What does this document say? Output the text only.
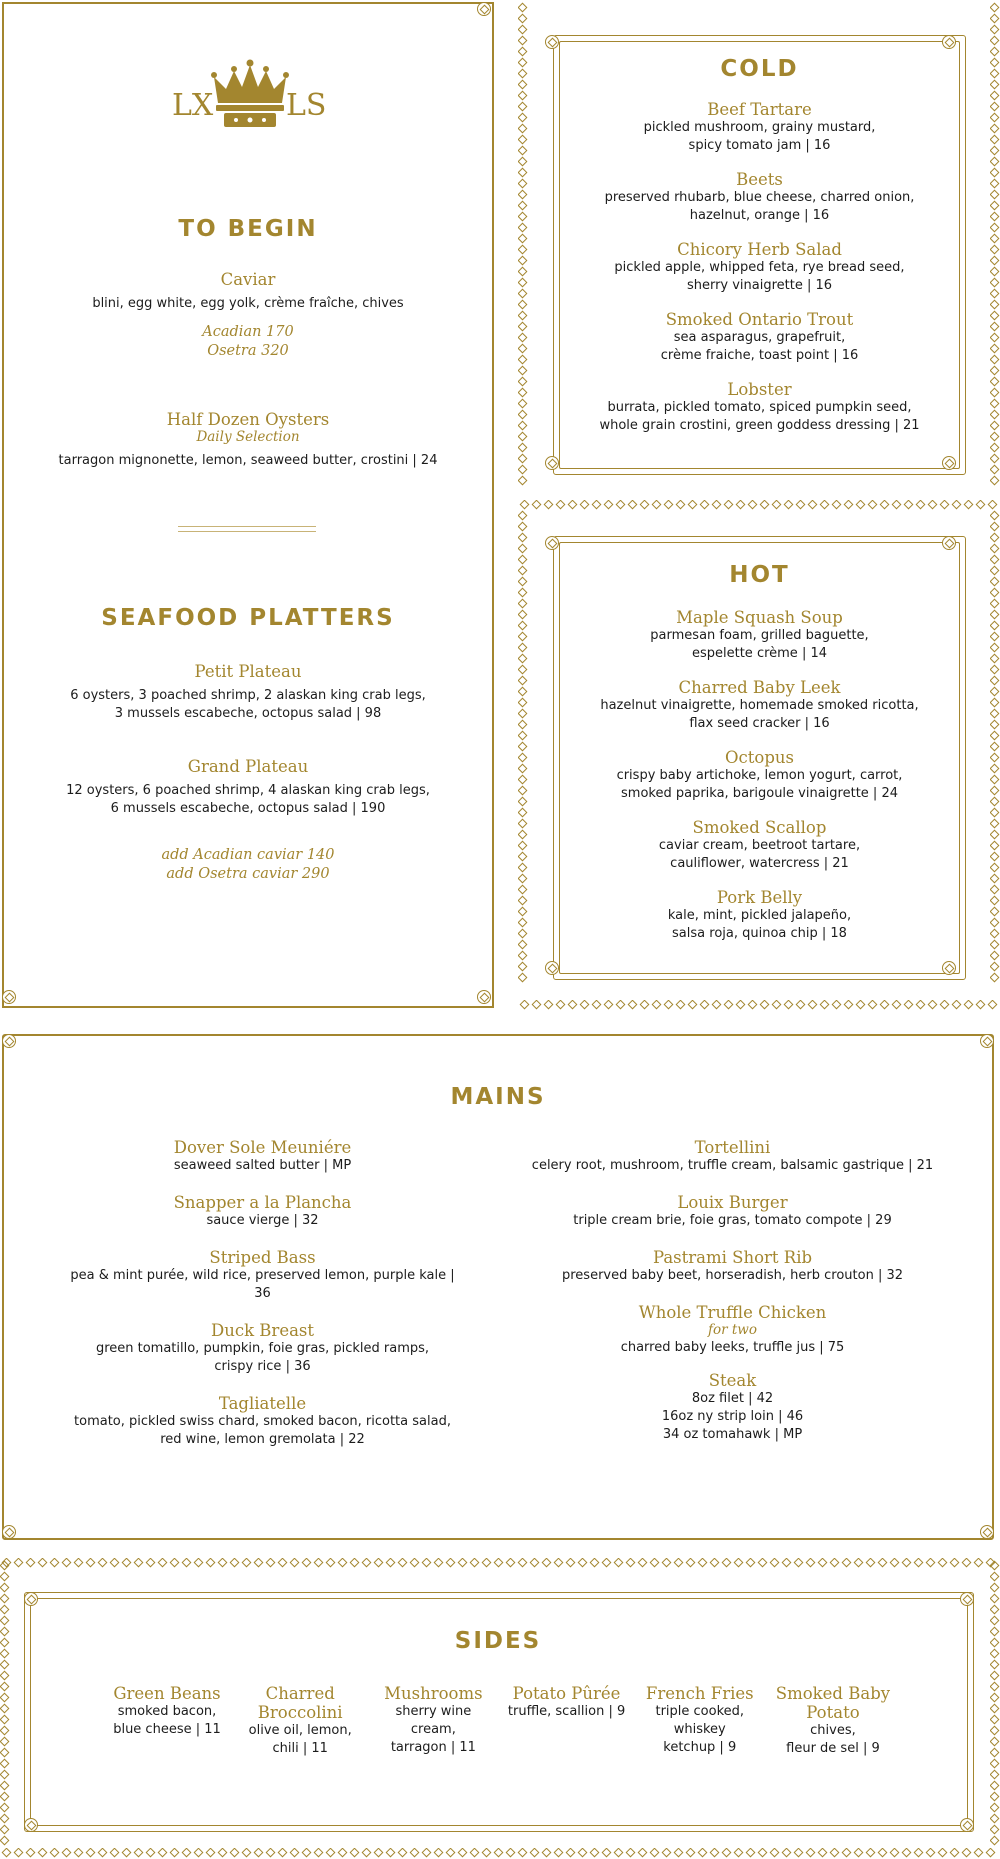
LX LS
TO BEGIN
Caviar
blini, egg white, egg yolk, crème fraîche, chives
Acadian 170
Osetra 320
Half Dozen Oysters
Daily Selection
tarragon mignonette, lemon, seaweed butter, crostini | 24
SEAFOOD PLATTERS
Petit Plateau
6 oysters, 3 poached shrimp, 2 alaskan king crab legs,
3 mussels escabeche, octopus salad | 98
Grand Plateau
12 oysters, 6 poached shrimp, 4 alaskan king crab legs,
6 mussels escabeche, octopus salad | 190
add Acadian caviar 140
add Osetra caviar 290
COLD
Beef Tartare
pickled mushroom, grainy mustard,
spicy tomato jam | 16
Beets
preserved rhubarb, blue cheese, charred onion,
hazelnut, orange | 16
Chicory Herb Salad
pickled apple, whipped feta, rye bread seed,
sherry vinaigrette | 16
Smoked Ontario Trout
sea asparagus, grapefruit,
crème fraiche, toast point | 16
Lobster
burrata, pickled tomato, spiced pumpkin seed,
whole grain crostini, green goddess dressing | 21
HOT
Maple Squash Soup
parmesan foam, grilled baguette,
espelette crème | 14
Charred Baby Leek
hazelnut vinaigrette, homemade smoked ricotta,
flax seed cracker | 16
Octopus
crispy baby artichoke, lemon yogurt, carrot,
smoked paprika, barigoule vinaigrette | 24
Smoked Scallop
caviar cream, beetroot tartare,
cauliflower, watercress | 21
Pork Belly
kale, mint, pickled jalapeño,
salsa roja, quinoa chip | 18
MAINS
Dover Sole Meuniére
seaweed salted butter | MP
Snapper a la Plancha
sauce vierge | 32
Striped Bass
pea & mint purée, wild rice, preserved lemon, purple kale |
36
Duck Breast
green tomatillo, pumpkin, foie gras, pickled ramps,
crispy rice | 36
Tagliatelle
tomato, pickled swiss chard, smoked bacon, ricotta salad,
red wine, lemon gremolata | 22
Tortellini
celery root, mushroom, truffle cream, balsamic gastrique | 21
Louix Burger
triple cream brie, foie gras, tomato compote | 29
Pastrami Short Rib
preserved baby beet, horseradish, herb crouton | 32
Whole Truffle Chicken
for two
charred baby leeks, truffle jus | 75
Steak
8oz filet | 42
16oz ny strip loin | 46
34 oz tomahawk | MP
SIDES
Green Beans
smoked bacon,
blue cheese | 11
Charred
Broccolini
olive oil, lemon,
chili | 11
Mushrooms
sherry wine
cream,
tarragon | 11
Potato Pûrée
truffle, scallion | 9
French Fries
triple cooked,
whiskey
ketchup | 9
Smoked Baby
Potato
chives,
fleur de sel | 9
